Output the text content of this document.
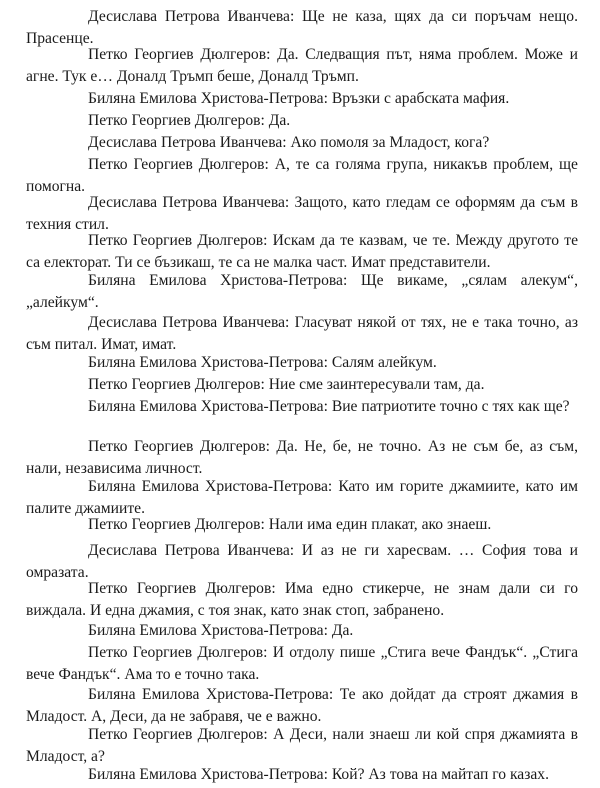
Десислава Петрова Иванчева: Ще не каза, щях да си поръчам нещо. Прасенце.

Петко Георгиев Дюлгеров: Да. Следващия път, няма проблем. Може и агне. Тук е… Доналд Тръмп беше, Доналд Тръмп.

Биляна Емилова Христова-Петрова: Връзки с арабската мафия.

Петко Георгиев Дюлгеров: Да.

Десислава Петрова Иванчева: Ако помоля за Младост, кога?

Петко Георгиев Дюлгеров: А, те са голяма група, никакъв проблем, ще помогна.

Десислава Петрова Иванчева: Защото, като гледам се оформям да съм в техния стил.

Петко Георгиев Дюлгеров: Искам да те казвам, че те. Между другото те са електорат. Ти се бъзикаш, те са не малка част. Имат представители.

Биляна Емилова Христова-Петрова: Ще викаме, „сялам алекум“, „алейкум“.

Десислава Петрова Иванчева: Гласуват някой от тях, не е така точно, аз съм питал. Имат, имат.

Биляна Емилова Христова-Петрова: Салям алейкум.

Петко Георгиев Дюлгеров: Ние сме заинтересували там, да.

Биляна Емилова Христова-Петрова: Вие патриотите точно с тях как ще?

Петко Георгиев Дюлгеров: Да. Не, бе, не точно. Аз не съм бе, аз съм, нали, независима личност.

Биляна Емилова Христова-Петрова: Като им горите джамиите, като им палите джамиите.

Петко Георгиев Дюлгеров: Нали има един плакат, ако знаеш.

Десислава Петрова Иванчева: И аз не ги харесвам. … София това и омразата.

Петко Георгиев Дюлгеров: Има едно стикерче, не знам дали си го виждала. И една джамия, с тоя знак, като знак стоп, забранено.

Биляна Емилова Христова-Петрова: Да.

Петко Георгиев Дюлгеров: И отдолу пише „Стига вече Фандък“. „Стига вече Фандък“. Ама то е точно така.

Биляна Емилова Христова-Петрова: Те ако дойдат да строят джамия в Младост. А, Деси, да не забравя, че е важно.

Петко Георгиев Дюлгеров: А Деси, нали знаеш ли кой спря джамията в Младост, а?

Биляна Емилова Христова-Петрова: Кой? Аз това на майтап го казах.
